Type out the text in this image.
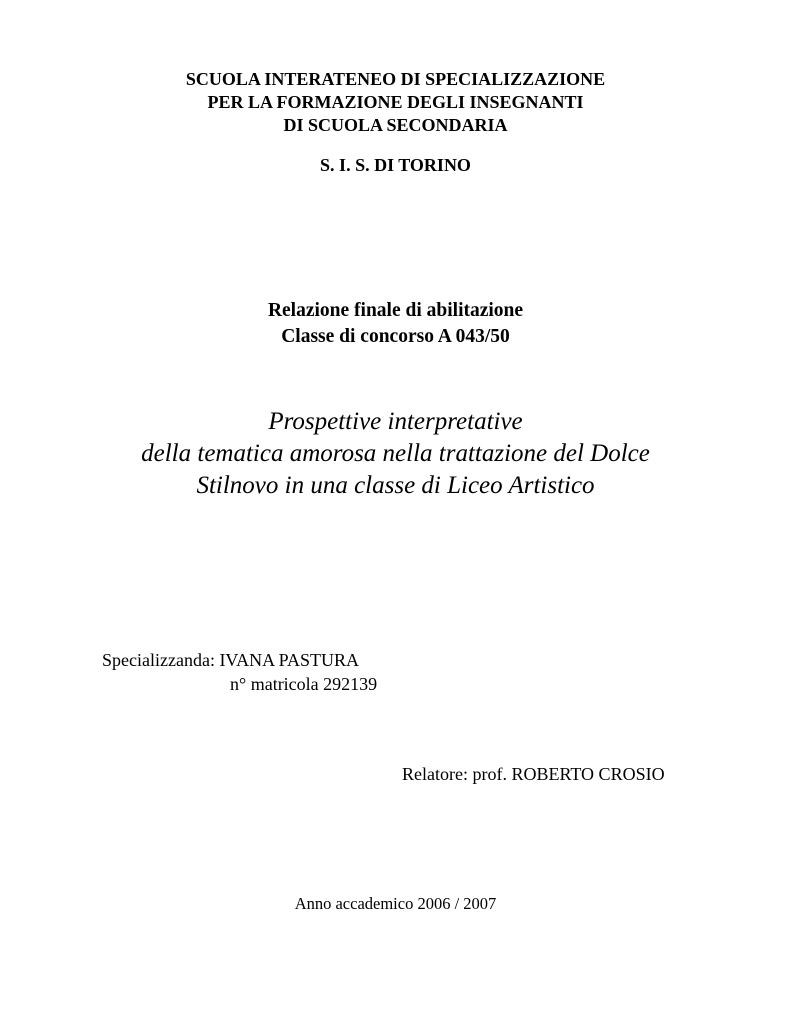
SCUOLA INTERATENEO DI SPECIALIZZAZIONE
PER LA FORMAZIONE DEGLI INSEGNANTI
DI SCUOLA SECONDARIA
S. I. S. DI TORINO
Relazione finale di abilitazione
Classe di concorso A 043/50
Prospettive interpretative
della tematica amorosa nella trattazione del Dolce
Stilnovo in una classe di Liceo Artistico
Specializzanda: IVANA PASTURA
n° matricola 292139
Relatore: prof. ROBERTO CROSIO
Anno accademico 2006 / 2007
